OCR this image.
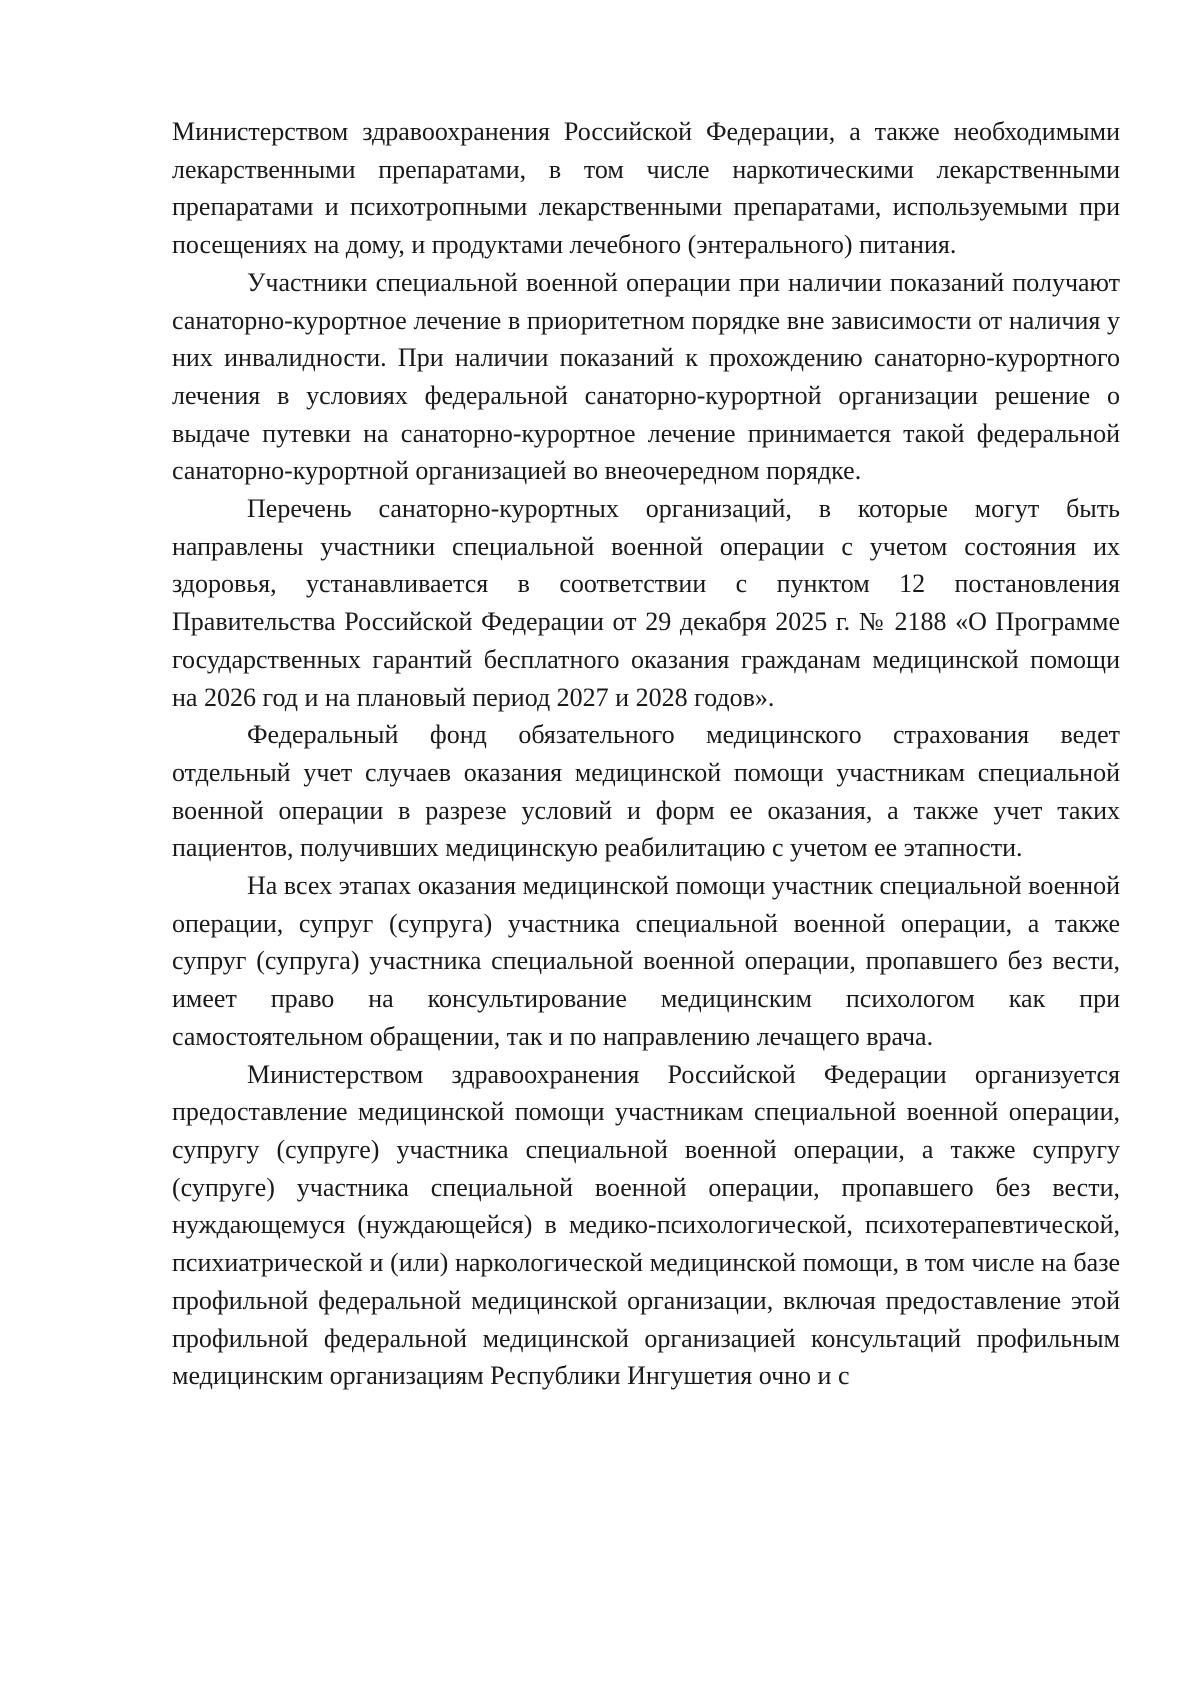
Министерством здравоохранения Российской Федерации, а также необходимыми лекарственными препаратами, в том числе наркотическими лекарственными препаратами и психотропными лекарственными препаратами, используемыми при посещениях на дому, и продуктами лечебного (энтерального) питания.

Участники специальной военной операции при наличии показаний получают санаторно-курортное лечение в приоритетном порядке вне зависимости от наличия у них инвалидности. При наличии показаний к прохождению санаторно-курортного лечения в условиях федеральной санаторно-курортной организации решение о выдаче путевки на санаторно-курортное лечение принимается такой федеральной санаторно-курортной организацией во внеочередном порядке.

Перечень санаторно-курортных организаций, в которые могут быть направлены участники специальной военной операции с учетом состояния их здоровья, устанавливается в соответствии с пунктом 12 постановления Правительства Российской Федерации от 29 декабря 2025 г. № 2188 «О Программе государственных гарантий бесплатного оказания гражданам медицинской помощи на 2026 год и на плановый период 2027 и 2028 годов».

Федеральный фонд обязательного медицинского страхования ведет отдельный учет случаев оказания медицинской помощи участникам специальной военной операции в разрезе условий и форм ее оказания, а также учет таких пациентов, получивших медицинскую реабилитацию с учетом ее этапности.

На всех этапах оказания медицинской помощи участник специальной военной операции, супруг (супруга) участника специальной военной операции, а также супруг (супруга) участника специальной военной операции, пропавшего без вести, имеет право на консультирование медицинским психологом как при самостоятельном обращении, так и по направлению лечащего врача.

Министерством здравоохранения Российской Федерации организуется предоставление медицинской помощи участникам специальной военной операции, супругу (супруге) участника специальной военной операции, а также супругу (супруге) участника специальной военной операции, пропавшего без вести, нуждающемуся (нуждающейся) в медико-психологической, психотерапевтической, психиатрической и (или) наркологической медицинской помощи, в том числе на базе профильной федеральной медицинской организации, включая предоставление этой профильной федеральной медицинской организацией консультаций профильным медицинским организациям Республики Ингушетия очно и с
